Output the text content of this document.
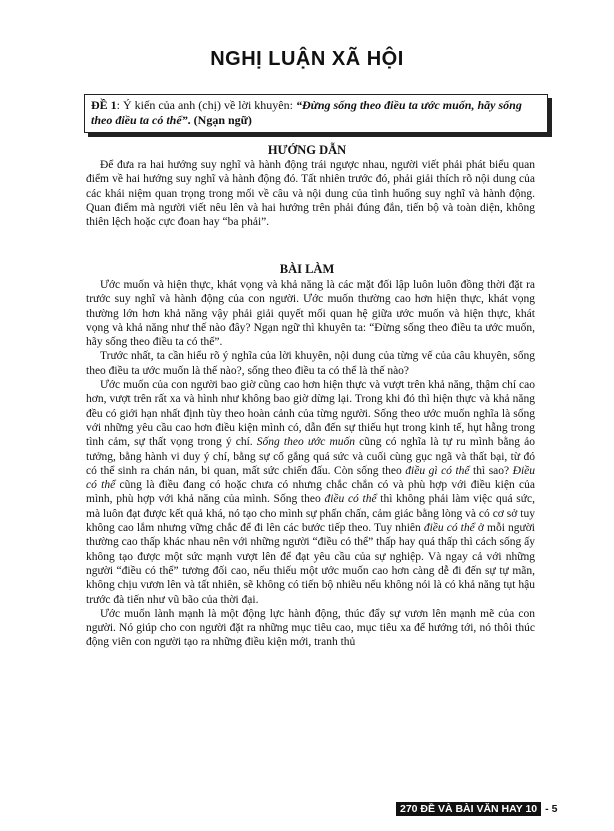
NGHỊ LUẬN XÃ HỘI
ĐỀ 1: Ý kiến của anh (chị) về lời khuyên: “Đừng sống theo điều ta ước muốn, hãy sống theo điều ta có thể”. (Ngạn ngữ)
HƯỚNG DẪN

Để đưa ra hai hướng suy nghĩ và hành động trái ngược nhau, người viết phải phát biểu quan điểm về hai hướng suy nghĩ và hành động đó. Tất nhiên trước đó, phải giải thích rõ nội dung của các khái niệm quan trọng trong mối về câu và nội dung của tình huống suy nghĩ và hành động. Quan điểm mà người viết nêu lên và hai hướng trên phải đúng đắn, tiến bộ và toàn diện, không thiên lệch hoặc cực đoan hay “ba phải”.

BÀI LÀM

Ước muốn và hiện thực, khát vọng và khả năng là các mặt đối lập luôn luôn đồng thời đặt ra trước suy nghĩ và hành động của con người. Ước muốn thường cao hơn hiện thực, khát vọng thường lớn hơn khả năng vậy phải giải quyết mối quan hệ giữa ước muốn và hiện thực, khát vọng và khả năng như thế nào đây? Ngạn ngữ thì khuyên ta: “Đừng sống theo điều ta ước muốn, hãy sống theo điều ta có thể”.

Trước nhất, ta cần hiểu rõ ý nghĩa của lời khuyên, nội dung của từng vế của câu khuyên, sống theo điều ta ước muốn là thế nào?, sống theo điều ta có thể là thế nào?

Ước muốn của con người bao giờ cũng cao hơn hiện thực và vượt trên khả năng, thậm chí cao hơn, vượt trên rất xa và hình như không bao giờ dừng lại. Trong khi đó thì hiện thực và khả năng đều có giới hạn nhất định tùy theo hoàn cảnh của từng người. Sống theo ước muốn nghĩa là sống với những yêu cầu cao hơn điều kiện mình có, dẫn đến sự thiếu hụt trong kinh tế, hụt hẫng trong tình cảm, sự thất vọng trong ý chí. Sống theo ước muốn cũng có nghĩa là tự ru mình bằng ảo tưởng, bằng hành vi duy ý chí, bằng sự cố gắng quá sức và cuối cùng gục ngã và thất bại, từ đó có thể sinh ra chán nản, bi quan, mất sức chiến đấu. Còn sống theo điều gì có thể thì sao? Điều có thể cũng là điều đang có hoặc chưa có nhưng chắc chắn có và phù hợp với điều kiện của mình, phù hợp với khả năng của mình. Sống theo điều có thể thì không phải làm việc quá sức, mà luôn đạt được kết quả khá, nó tạo cho mình sự phấn chấn, cảm giác bằng lòng và có cơ sở tuy không cao lắm nhưng vững chắc để đi lên các bước tiếp theo. Tuy nhiên điều có thể ở mỗi người thường cao thấp khác nhau nên với những người “điều có thể” thấp hay quá thấp thì cách sống ấy không tạo được một sức mạnh vượt lên để đạt yêu cầu của sự nghiệp. Và ngay cả với những người “điều có thể” tương đối cao, nếu thiếu một ước muốn cao hơn càng dễ đi đến sự tự mãn, không chịu vươn lên và tất nhiên, sẽ không có tiến bộ nhiều nếu không nói là có khả năng tụt hậu trước đà tiến như vũ bão của thời đại.

Ước muốn lành mạnh là một động lực hành động, thúc đẩy sự vươn lên mạnh mẽ của con người. Nó giúp cho con người đặt ra những mục tiêu cao, mục tiêu xa để hướng tới, nó thôi thúc động viên con người tạo ra những điều kiện mới, tranh thủ

270 ĐỀ VÀ BÀI VĂN HAY 10 - 5
